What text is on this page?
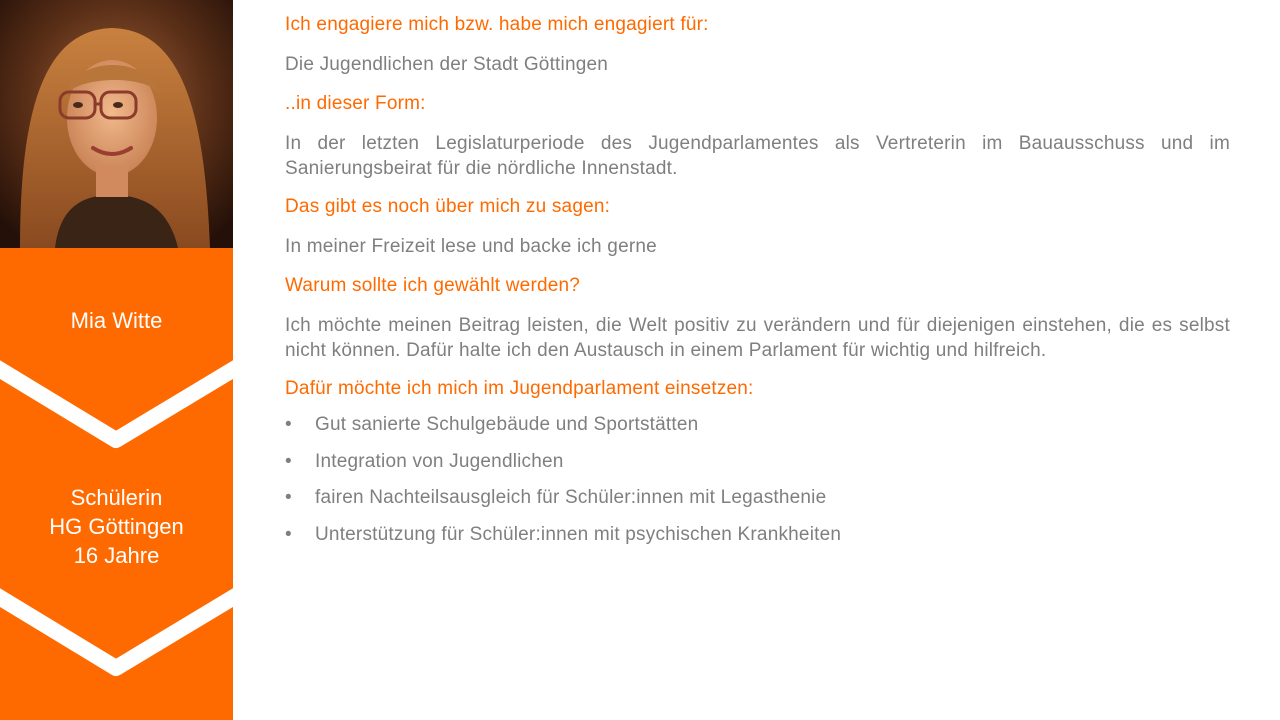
Mia Witte
Schülerin
HG Göttingen
16 Jahre

Ich engagiere mich bzw. habe mich engagiert für:

Die Jugendlichen der Stadt Göttingen

..in dieser Form:

In der letzten Legislaturperiode des Jugendparlamentes als Vertreterin im Bauausschuss und im Sanierungsbeirat für die nördliche Innenstadt.

Das gibt es noch über mich zu sagen:

In meiner Freizeit lese und backe ich gerne

Warum sollte ich gewählt werden?

Ich möchte meinen Beitrag leisten, die Welt positiv zu verändern und für diejenigen einstehen, die es selbst nicht können. Dafür halte ich den Austausch in einem Parlament für wichtig und hilfreich.

Dafür möchte ich mich im Jugendparlament einsetzen:

• Gut sanierte Schulgebäude und Sportstätten
• Integration von Jugendlichen
• fairen Nachteilsausgleich für Schüler:innen mit Legasthenie
• Unterstützung für Schüler:innen mit psychischen Krankheiten
